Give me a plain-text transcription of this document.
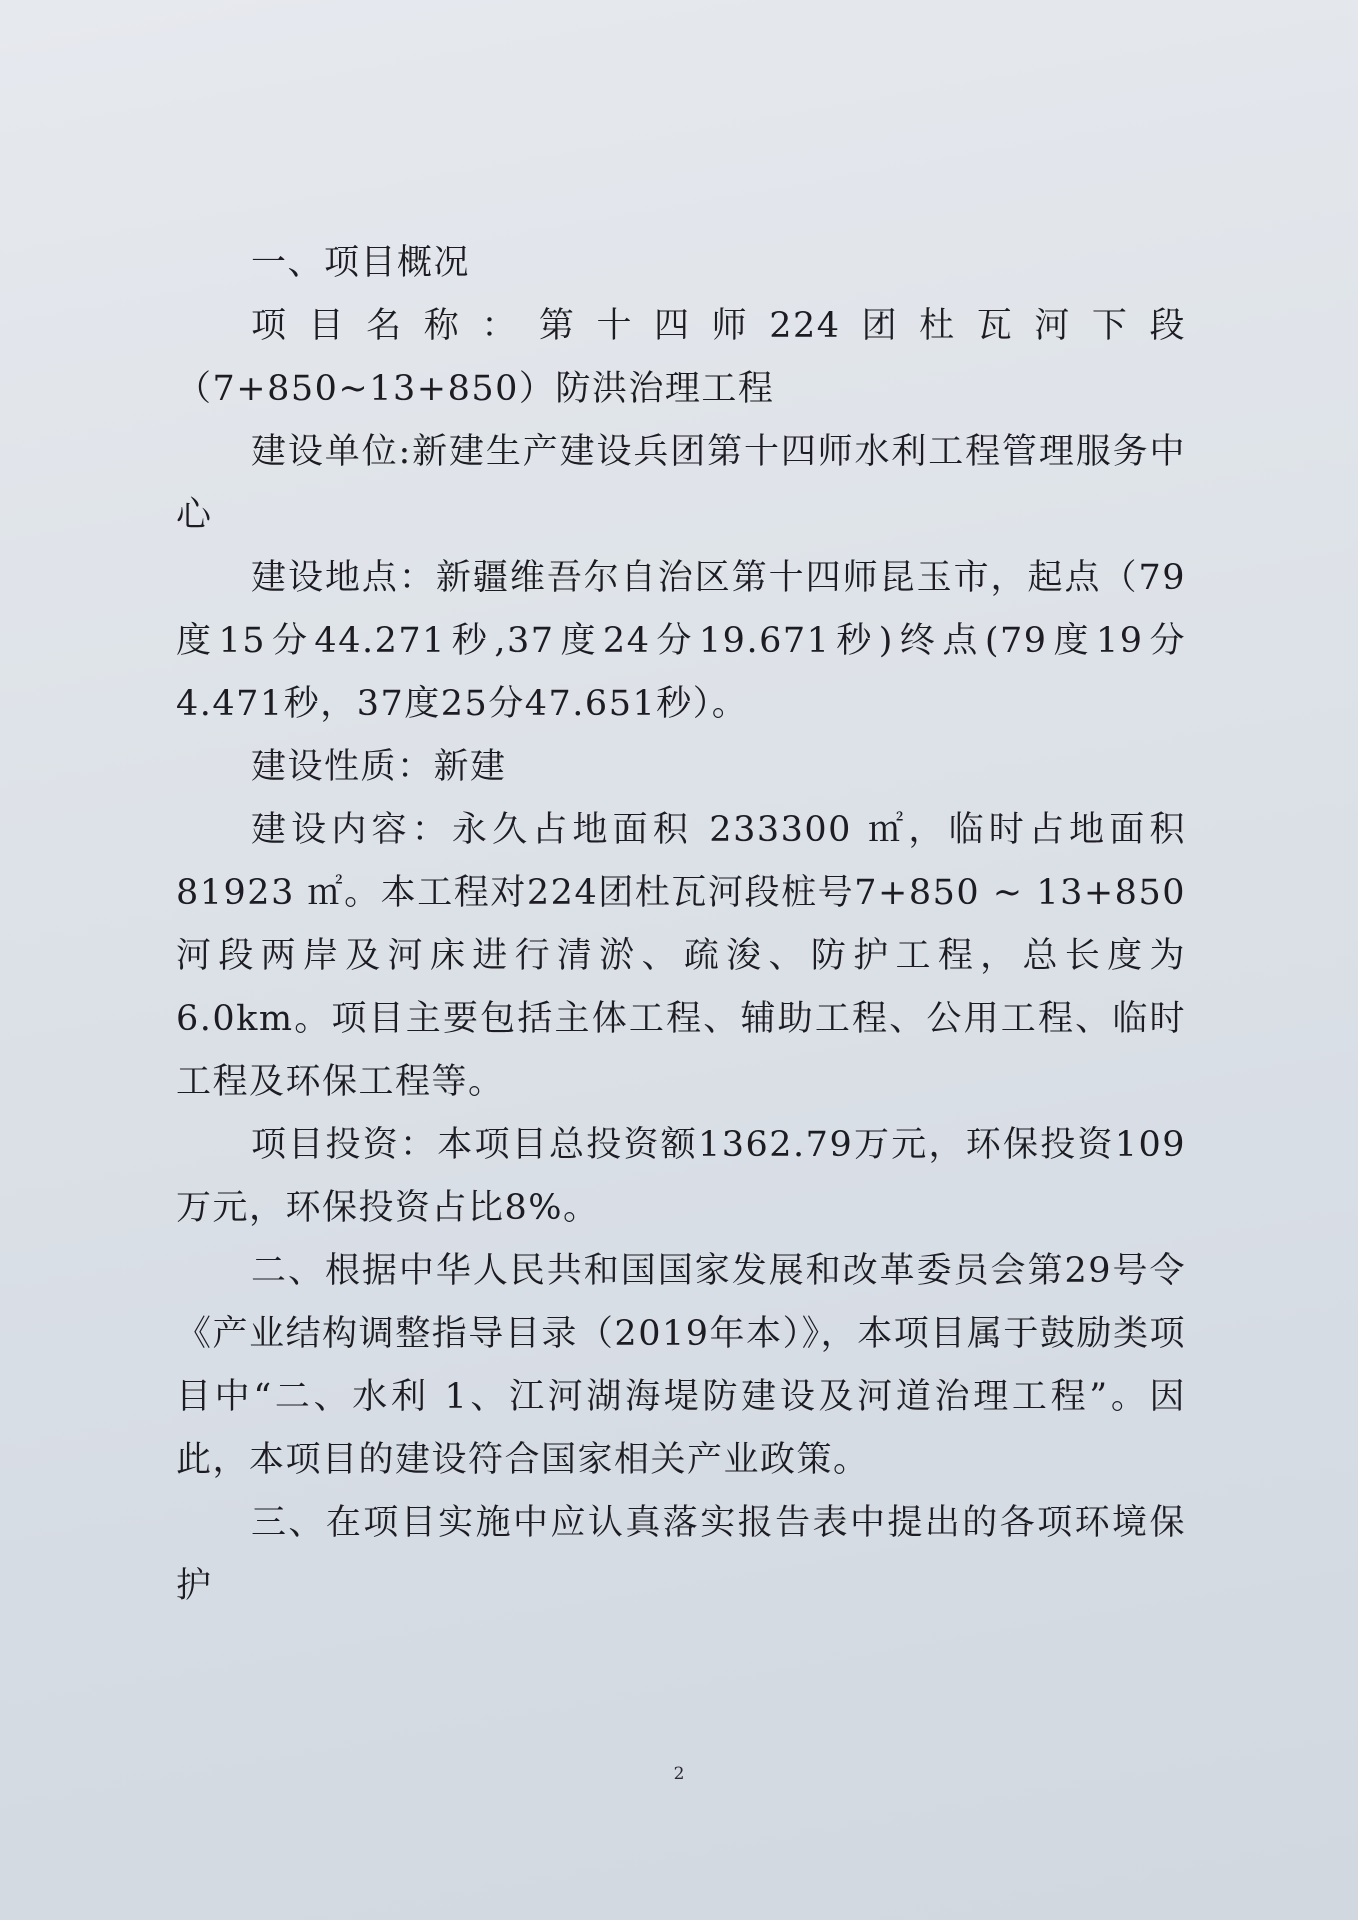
一、项目概况

项目名称：第十四师224团杜瓦河下段（7+850~13+850）防洪治理工程

建设单位:新建生产建设兵团第十四师水利工程管理服务中心

建设地点：新疆维吾尔自治区第十四师昆玉市，起点（79度15分44.271秒,37度24分19.671秒)终点(79度19分4.471秒，37度25分47.651秒）。

建设性质：新建

建设内容：永久占地面积 233300 ㎡，临时占地面积 81923 ㎡。本工程对224团杜瓦河段桩号7+850 ~ 13+850河段两岸及河床进行清淤、疏浚、防护工程，总长度为6.0km。项目主要包括主体工程、辅助工程、公用工程、临时工程及环保工程等。

项目投资：本项目总投资额1362.79万元，环保投资109万元，环保投资占比8%。

二、根据中华人民共和国国家发展和改革委员会第29号令《产业结构调整指导目录（2019年本）》，本项目属于鼓励类项目中“二、水利 1、江河湖海堤防建设及河道治理工程”。因此，本项目的建设符合国家相关产业政策。

三、在项目实施中应认真落实报告表中提出的各项环境保护

2
